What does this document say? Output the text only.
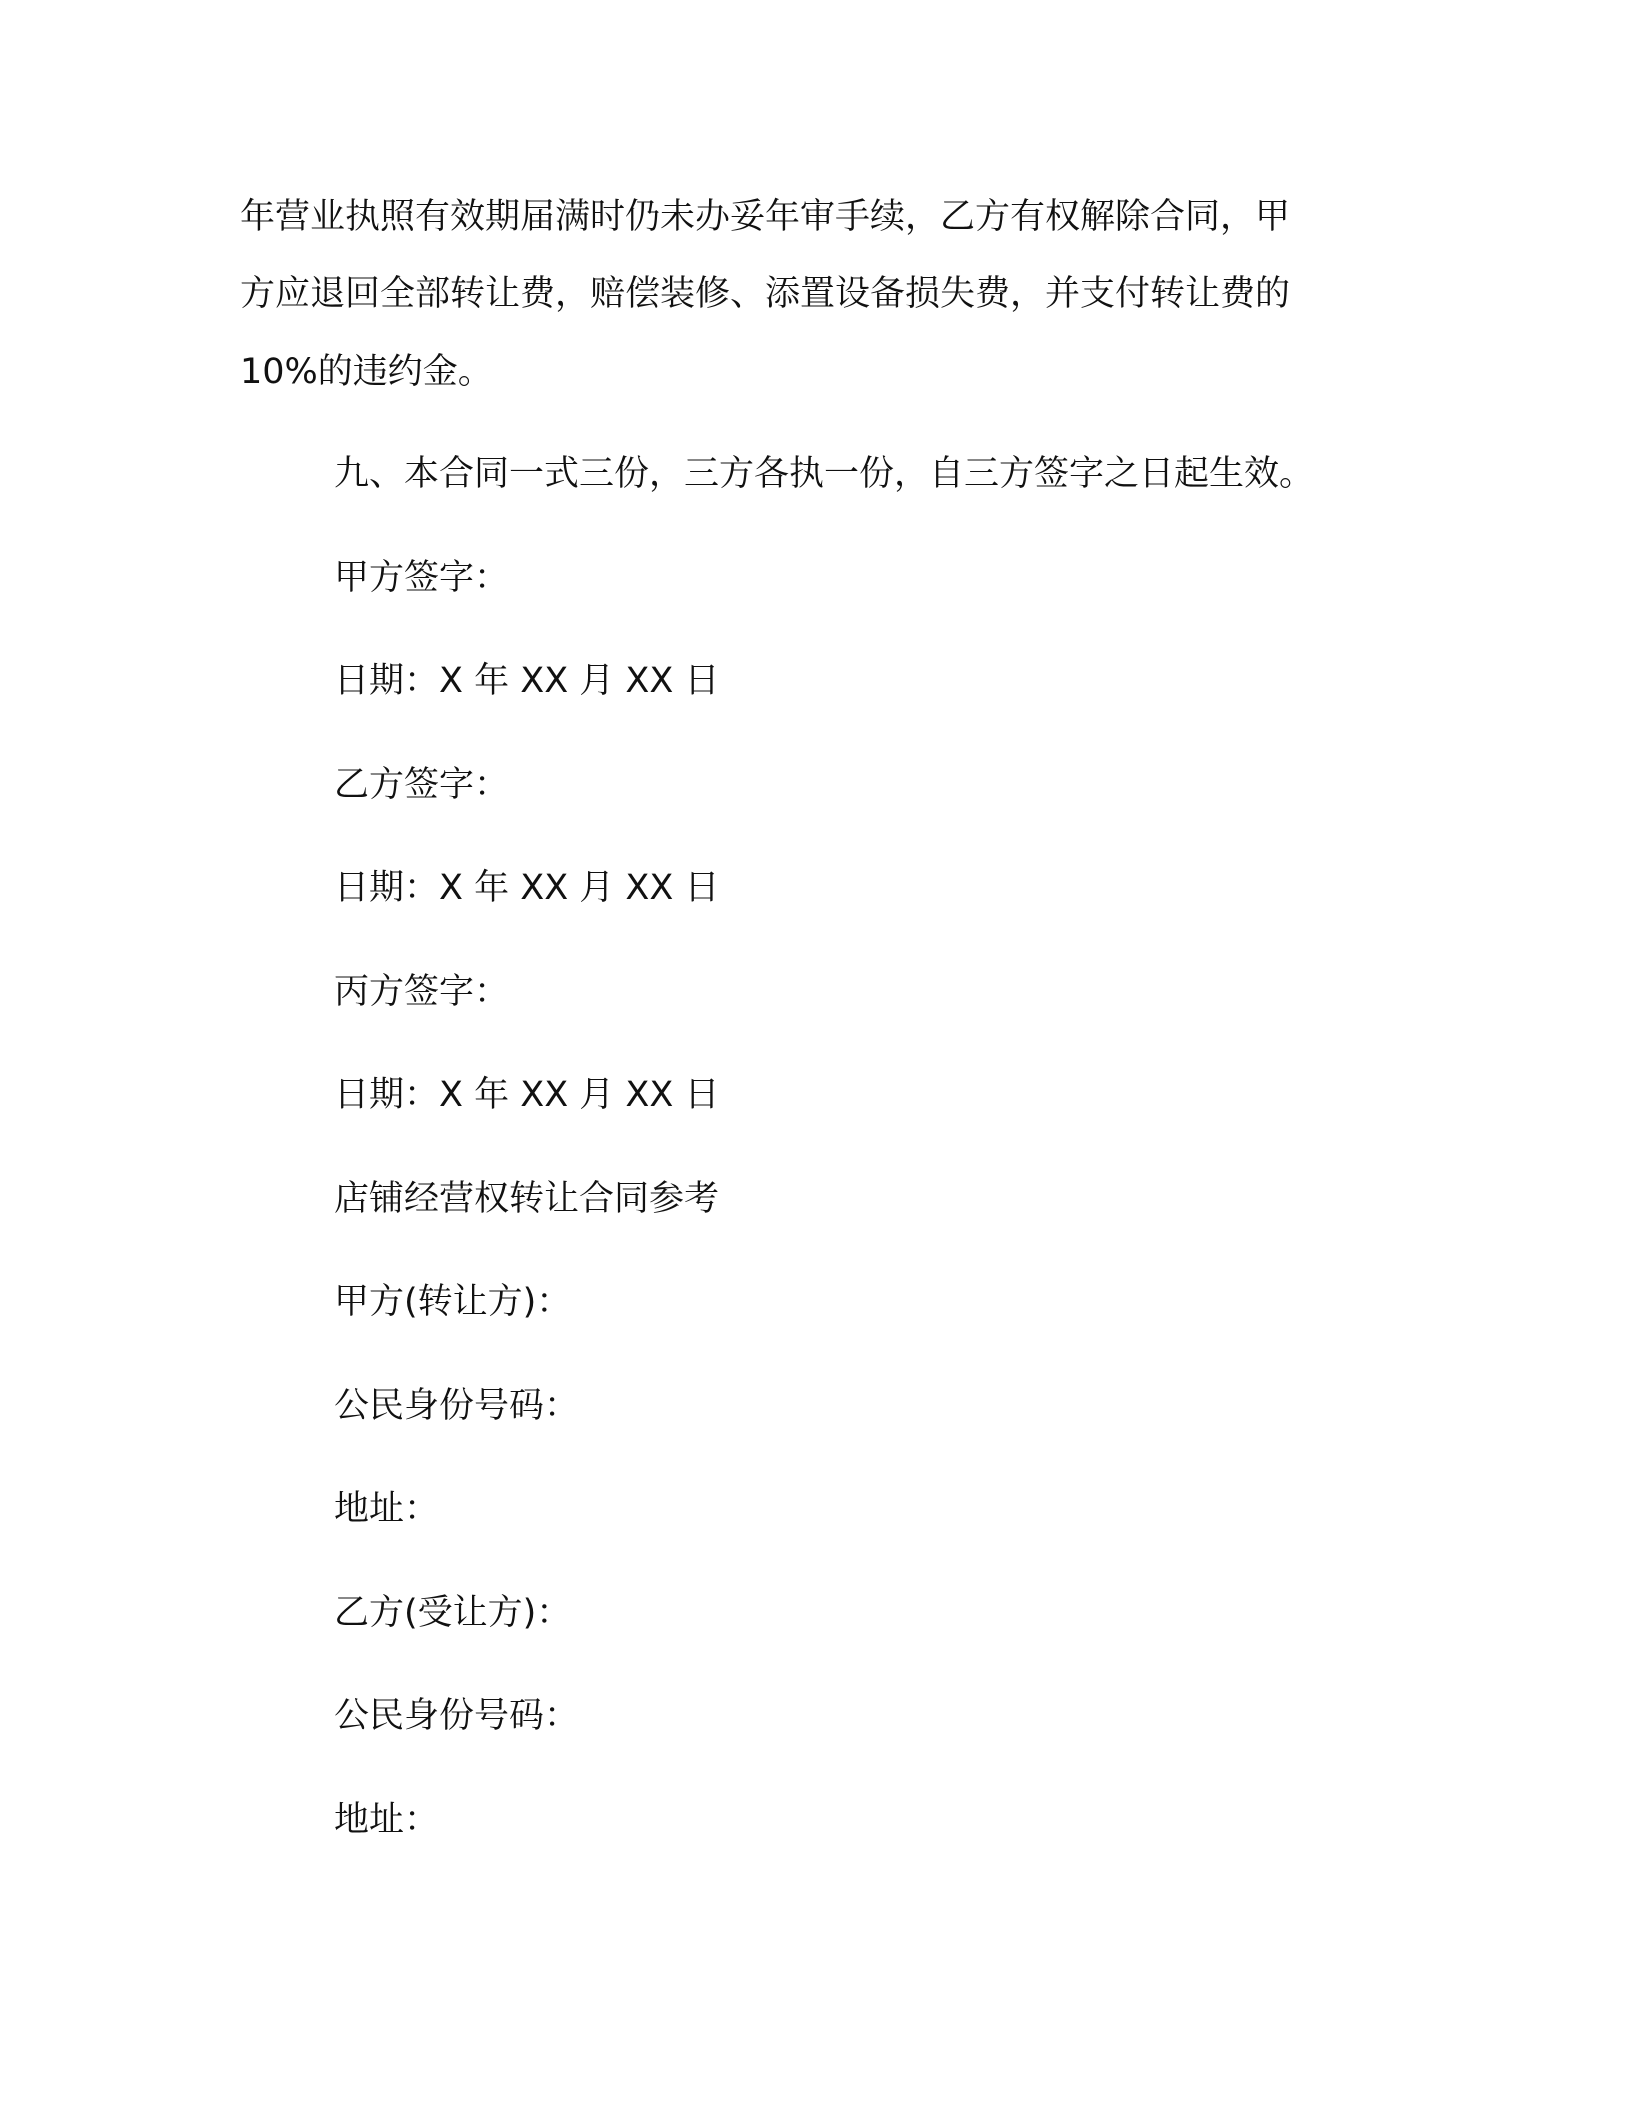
年营业执照有效期届满时仍未办妥年审手续，乙方有权解除合同，甲
方应退回全部转让费，赔偿装修、添置设备损失费，并支付转让费的
10%的违约金。
九、本合同一式三份，三方各执一份，自三方签字之日起生效。
甲方签字：
日期：X 年 XX 月 XX 日
乙方签字：
日期：X 年 XX 月 XX 日
丙方签字：
日期：X 年 XX 月 XX 日
店铺经营权转让合同参考
甲方(转让方)：
公民身份号码：
地址：
乙方(受让方)：
公民身份号码：
地址：
